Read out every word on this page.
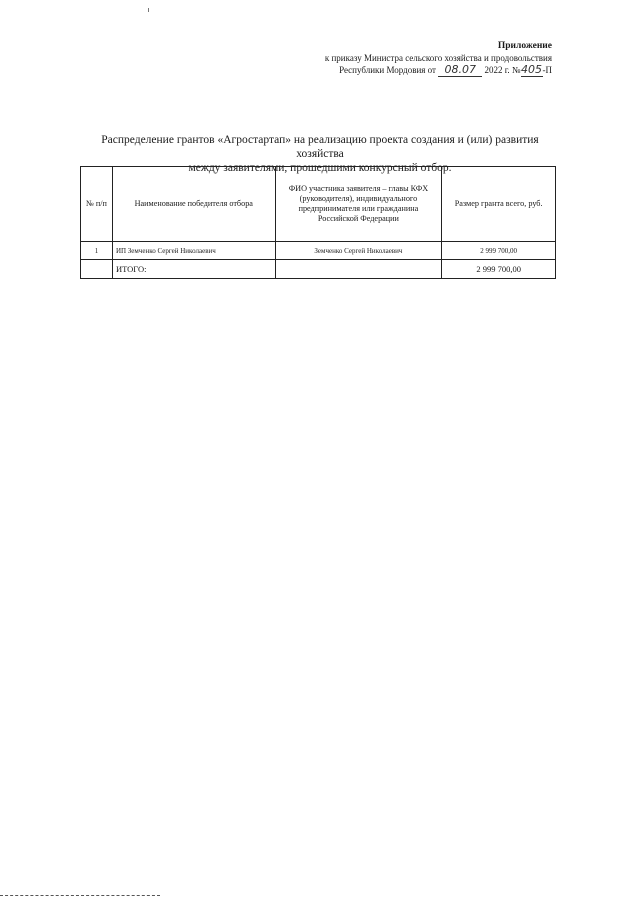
Приложение
к приказу Министра сельского хозяйства и продовольствия
Республики Мордовия от 08.07 2022 г. №405-П
Распределение грантов «Агростартап» на реализацию проекта создания и (или) развития хозяйства
между заявителями, прошедшими конкурсный отбор.
№ п/п	Наименование победителя отбора	ФИО участника заявителя – главы КФХ (руководителя), индивидуального предпринимателя или гражданина Российской Федерации	Размер гранта всего, руб.
1	ИП Земченко Сергей Николаевич	Земченко Сергей Николаевич	2 999 700,00
	ИТОГО:		2 999 700,00
